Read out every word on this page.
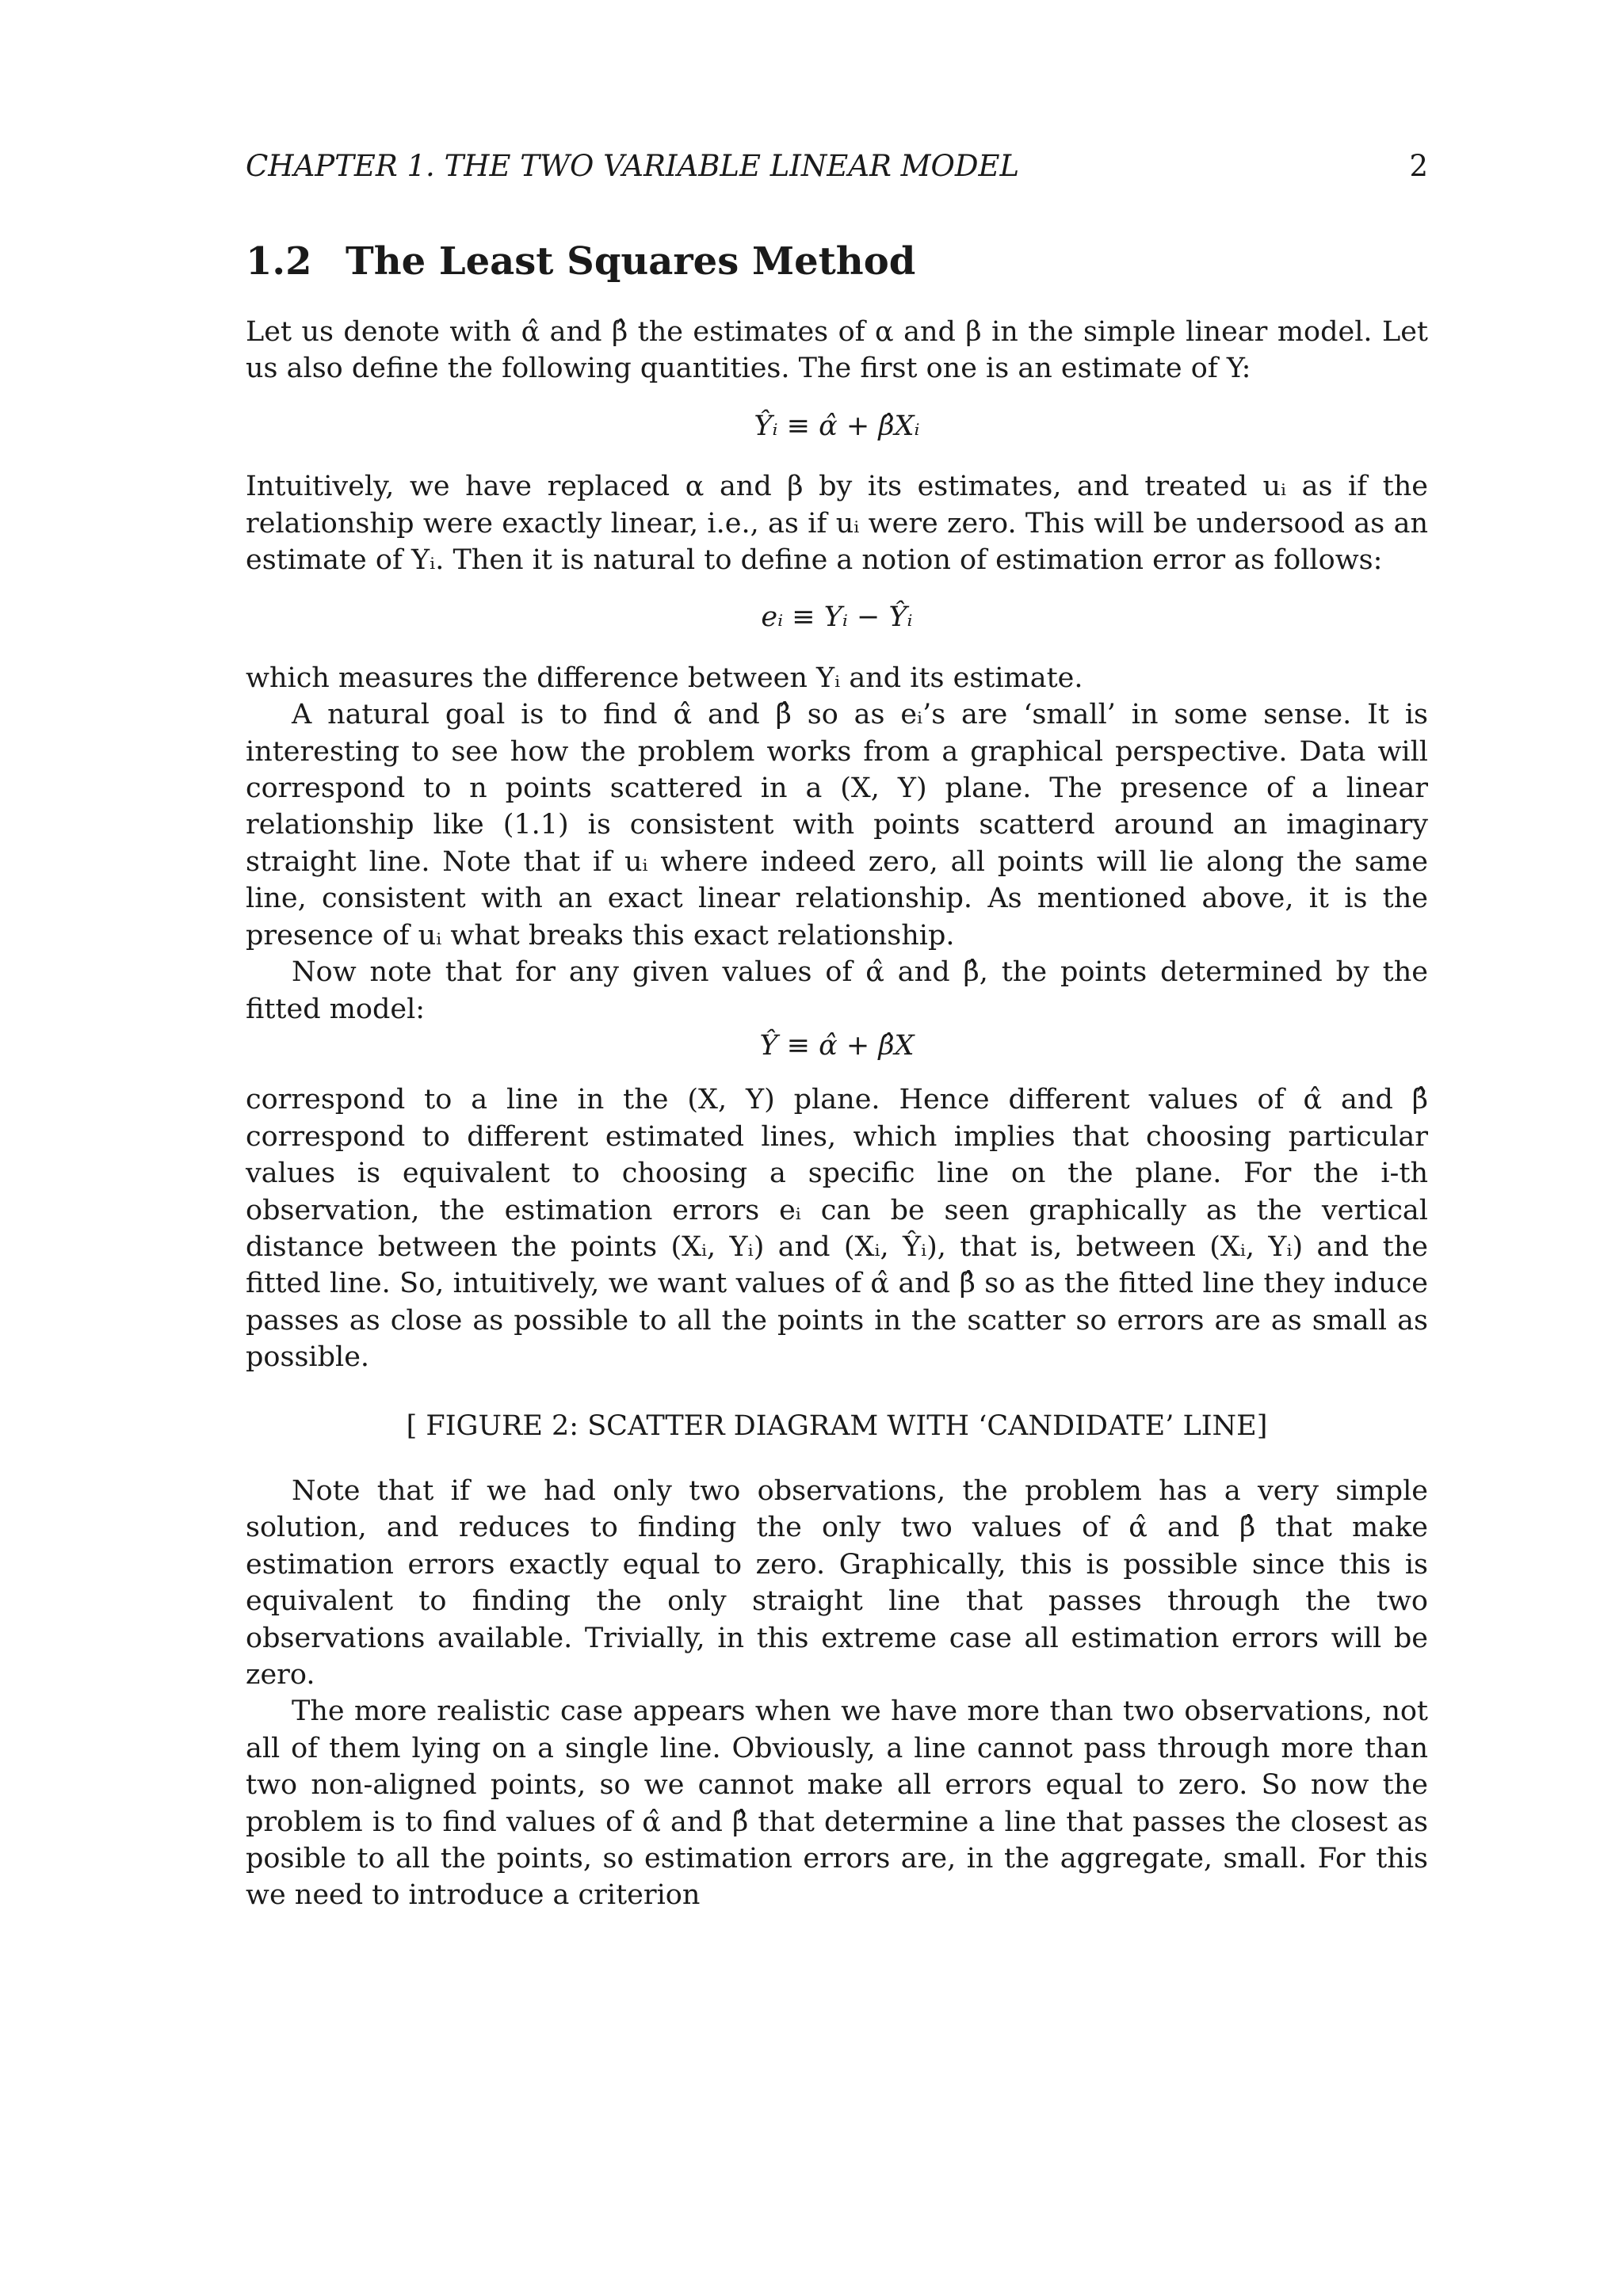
CHAPTER 1. THE TWO VARIABLE LINEAR MODEL	2
1.2 The Least Squares Method

Let us denote with α̂ and β̂ the estimates of α and β in the simple linear model. Let us also define the following quantities. The first one is an estimate of Y:

Ŷᵢ ≡ α̂ + β̂Xᵢ

Intuitively, we have replaced α and β by its estimates, and treated uᵢ as if the relationship were exactly linear, i.e., as if uᵢ were zero. This will be undersood as an estimate of Yᵢ. Then it is natural to define a notion of estimation error as follows:

eᵢ ≡ Yᵢ − Ŷᵢ

which measures the difference between Yᵢ and its estimate.

A natural goal is to find α̂ and β̂ so as eᵢ’s are ‘small’ in some sense. It is interesting to see how the problem works from a graphical perspective. Data will correspond to n points scattered in a (X, Y) plane. The presence of a linear relationship like (1.1) is consistent with points scatterd around an imaginary straight line. Note that if uᵢ where indeed zero, all points will lie along the same line, consistent with an exact linear relationship. As mentioned above, it is the presence of uᵢ what breaks this exact relationship.

Now note that for any given values of α̂ and β̂, the points determined by the fitted model:

Ŷ ≡ α̂ + β̂X

correspond to a line in the (X, Y) plane. Hence different values of α̂ and β̂ correspond to different estimated lines, which implies that choosing particular values is equivalent to choosing a specific line on the plane. For the i-th observation, the estimation errors eᵢ can be seen graphically as the vertical distance between the points (Xᵢ, Yᵢ) and (Xᵢ, Ŷᵢ), that is, between (Xᵢ, Yᵢ) and the fitted line. So, intuitively, we want values of α̂ and β̂ so as the fitted line they induce passes as close as possible to all the points in the scatter so errors are as small as possible.

[ FIGURE 2: SCATTER DIAGRAM WITH ‘CANDIDATE’ LINE]

Note that if we had only two observations, the problem has a very simple solution, and reduces to finding the only two values of α̂ and β̂ that make estimation errors exactly equal to zero. Graphically, this is possible since this is equivalent to finding the only straight line that passes through the two observations available. Trivially, in this extreme case all estimation errors will be zero.

The more realistic case appears when we have more than two observations, not all of them lying on a single line. Obviously, a line cannot pass through more than two non-aligned points, so we cannot make all errors equal to zero. So now the problem is to find values of α̂ and β̂ that determine a line that passes the closest as posible to all the points, so estimation errors are, in the aggregate, small. For this we need to introduce a criterion
